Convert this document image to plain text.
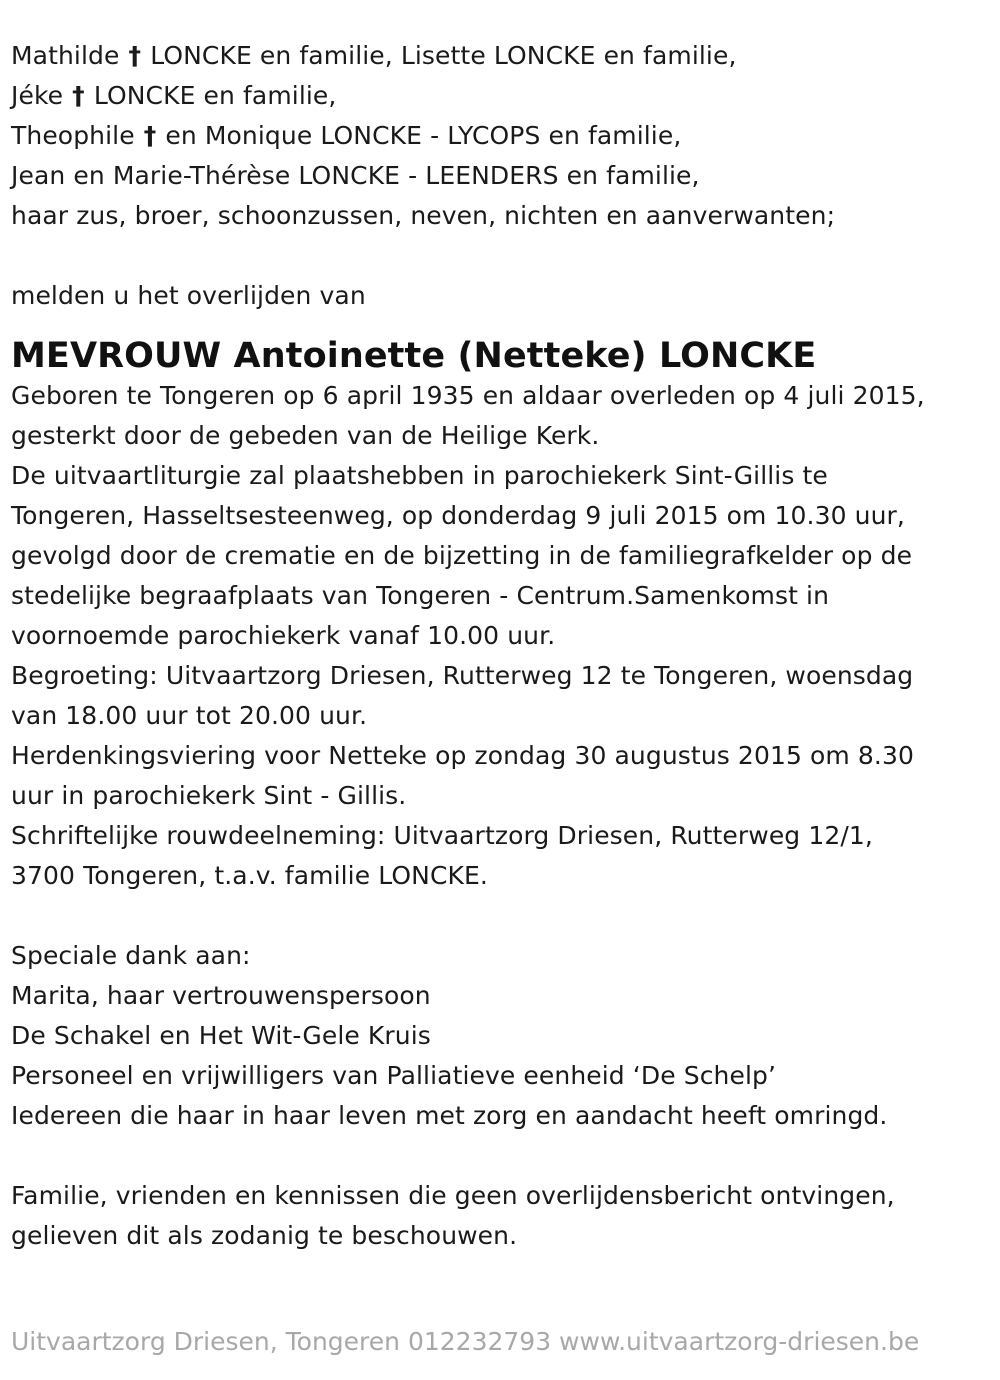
Mathilde † LONCKE en familie, Lisette LONCKE en familie,
Jéke † LONCKE en familie,
Theophile † en Monique LONCKE - LYCOPS en familie,
Jean en Marie-Thérèse LONCKE - LEENDERS en familie,
haar zus, broer, schoonzussen, neven, nichten en aanverwanten;
melden u het overlijden van
MEVROUW Antoinette (Netteke) LONCKE
Geboren te Tongeren op 6 april 1935 en aldaar overleden op 4 juli 2015,
gesterkt door de gebeden van de Heilige Kerk.
De uitvaartliturgie zal plaatshebben in parochiekerk Sint-Gillis te
Tongeren, Hasseltsesteenweg, op donderdag 9 juli 2015 om 10.30 uur,
gevolgd door de crematie en de bijzetting in de familiegrafkelder op de
stedelijke begraafplaats van Tongeren - Centrum.Samenkomst in
voornoemde parochiekerk vanaf 10.00 uur.
Begroeting: Uitvaartzorg Driesen, Rutterweg 12 te Tongeren, woensdag
van 18.00 uur tot 20.00 uur.
Herdenkingsviering voor Netteke op zondag 30 augustus 2015 om 8.30
uur in parochiekerk Sint - Gillis.
Schriftelijke rouwdeelneming: Uitvaartzorg Driesen, Rutterweg 12/1,
3700 Tongeren, t.a.v. familie LONCKE.
Speciale dank aan:
Marita, haar vertrouwenspersoon
De Schakel en Het Wit-Gele Kruis
Personeel en vrijwilligers van Palliatieve eenheid ‘De Schelp’
Iedereen die haar in haar leven met zorg en aandacht heeft omringd.
Familie, vrienden en kennissen die geen overlijdensbericht ontvingen,
gelieven dit als zodanig te beschouwen.
Uitvaartzorg Driesen, Tongeren 012232793 www.uitvaartzorg-driesen.be
